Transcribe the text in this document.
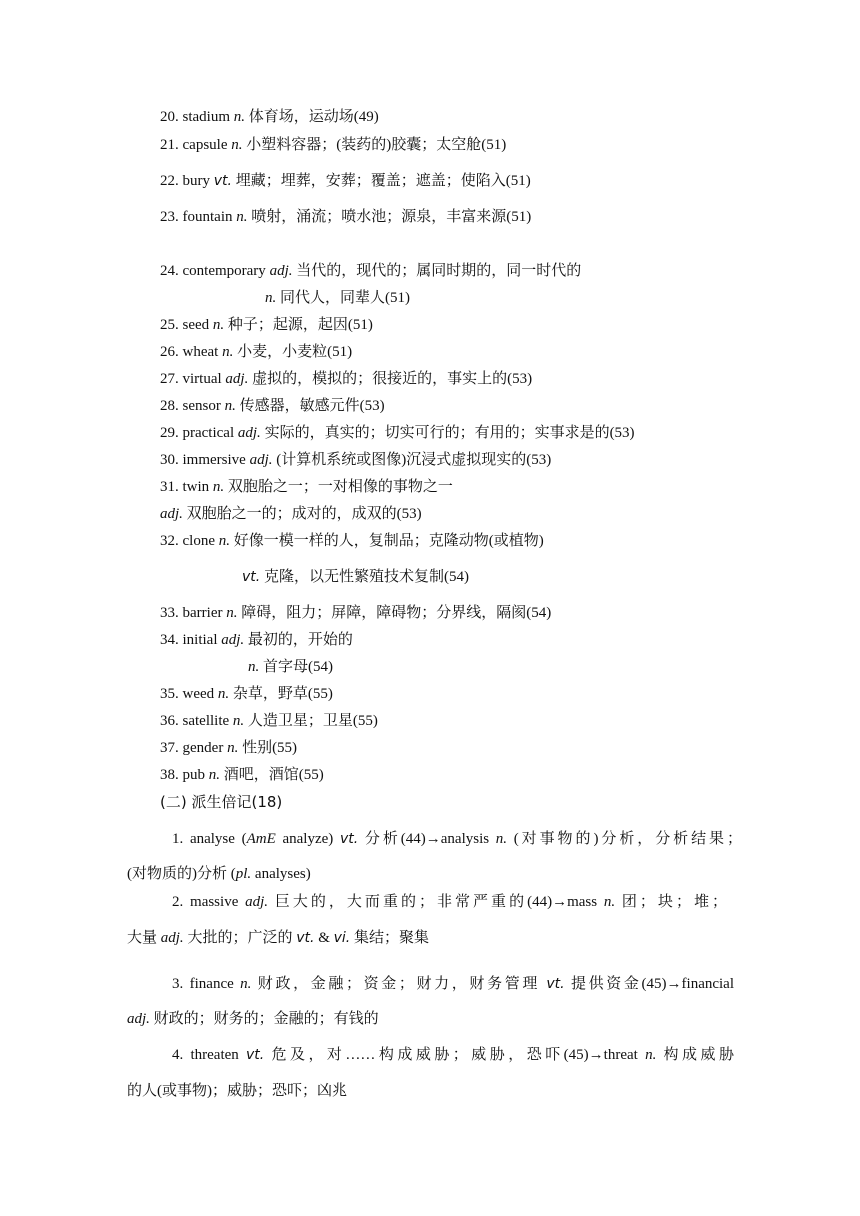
20. stadium n. 体育场，运动场(49)
21. capsule n. 小塑料容器；(装药的)胶囊；太空舱(51)
22. bury vt. 埋藏；埋葬，安葬；覆盖；遮盖；使陷入(51)
23. fountain n. 喷射，涌流；喷水池；源泉，丰富来源(51)
24. contemporary adj. 当代的，现代的；属同时期的，同一时代的
n. 同代人，同辈人(51)
25. seed n. 种子；起源，起因(51)
26. wheat n. 小麦，小麦粒(51)
27. virtual adj. 虚拟的，模拟的；很接近的，事实上的(53)
28. sensor n. 传感器，敏感元件(53)
29. practical adj. 实际的，真实的；切实可行的；有用的；实事求是的(53)
30. immersive adj. (计算机系统或图像)沉浸式虚拟现实的(53)
31. twin n. 双胞胎之一；一对相像的事物之一
adj. 双胞胎之一的；成对的，成双的(53)
32. clone n. 好像一模一样的人，复制品；克隆动物(或植物)
vt. 克隆，以无性繁殖技术复制(54)
33. barrier n. 障碍，阻力；屏障，障碍物；分界线，隔阂(54)
34. initial adj. 最初的，开始的
n. 首字母(54)
35. weed n. 杂草，野草(55)
36. satellite n. 人造卫星；卫星(55)
37. gender n. 性别(55)
38. pub n. 酒吧，酒馆(55)
(二) 派生倍记(18)
1. analyse (AmE analyze) vt. 分析(44)→analysis n. (对事物的)分析，分析结果；
(对物质的)分析 (pl. analyses)
2. massive adj. 巨大的，大而重的；非常严重的(44)→mass n. 团；块；堆；
大量 adj. 大批的；广泛的 vt. & vi. 集结；聚集
3. finance n. 财政，金融；资金；财力，财务管理 vt. 提供资金(45)→financial
adj. 财政的；财务的；金融的；有钱的
4. threaten vt. 危及，对……构成威胁；威胁，恐吓(45)→threat n. 构成威胁
的人(或事物)；威胁；恐吓；凶兆
